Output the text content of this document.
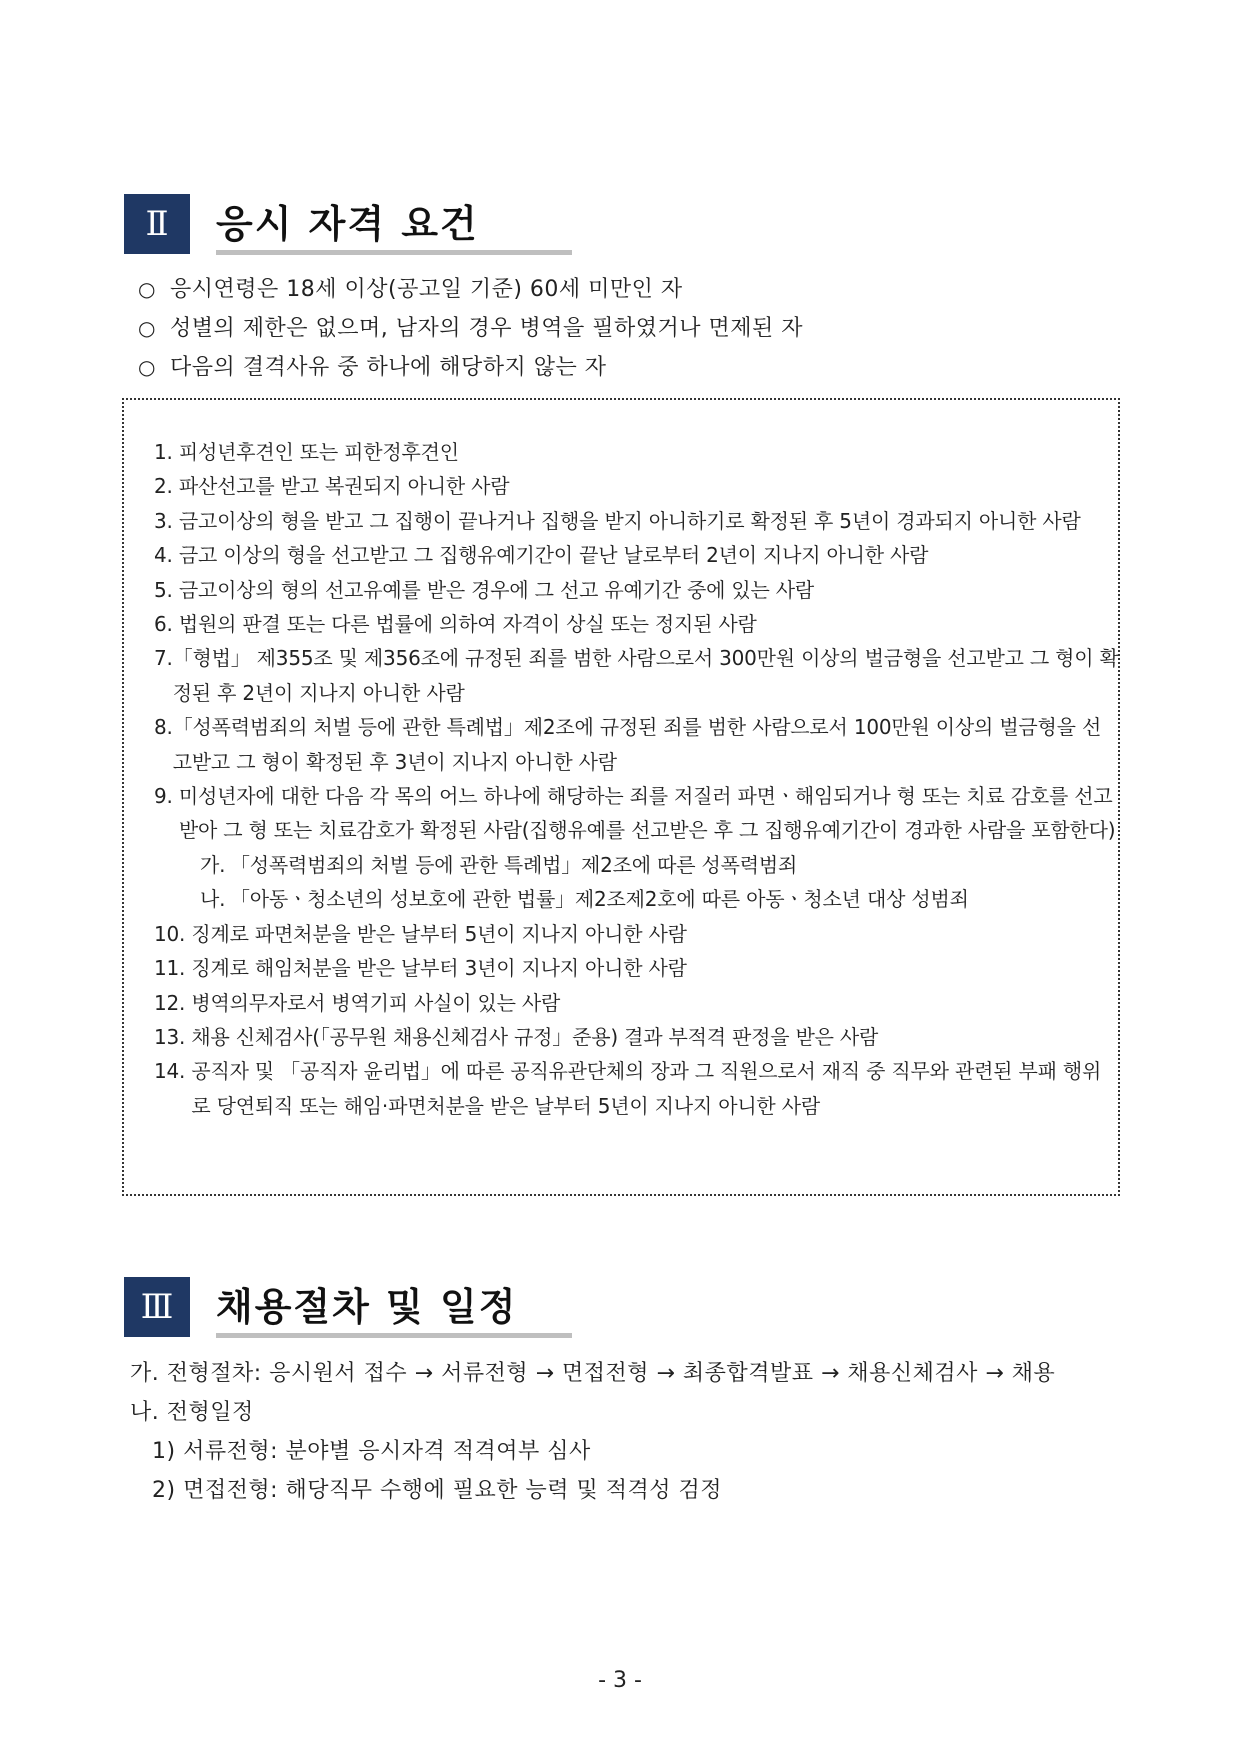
Ⅱ	응시 자격 요건
○ 응시연령은 18세 이상(공고일 기준) 60세 미만인 자
○ 성별의 제한은 없으며, 남자의 경우 병역을 필하였거나 면제된 자
○ 다음의 결격사유 중 하나에 해당하지 않는 자
1. 피성년후견인 또는 피한정후견인
2. 파산선고를 받고 복권되지 아니한 사람
3. 금고이상의 형을 받고 그 집행이 끝나거나 집행을 받지 아니하기로 확정된 후 5년이 경과되지 아니한 사람
4. 금고 이상의 형을 선고받고 그 집행유예기간이 끝난 날로부터 2년이 지나지 아니한 사람
5. 금고이상의 형의 선고유예를 받은 경우에 그 선고 유예기간 중에 있는 사람
6. 법원의 판결 또는 다른 법률에 의하여 자격이 상실 또는 정지된 사람
7. 「형법」 제355조 및 제356조에 규정된 죄를 범한 사람으로서 300만원 이상의 벌금형을 선고받고 그 형이 확정된 후 2년이 지나지 아니한 사람
8. 「성폭력범죄의 처벌 등에 관한 특례법」제2조에 규정된 죄를 범한 사람으로서 100만원 이상의 벌금형을 선고받고 그 형이 확정된 후 3년이 지나지 아니한 사람
9. 미성년자에 대한 다음 각 목의 어느 하나에 해당하는 죄를 저질러 파면ㆍ해임되거나 형 또는 치료 감호를 선고받아 그 형 또는 치료감호가 확정된 사람(집행유예를 선고받은 후 그 집행유예기간이 경과한 사람을 포함한다)
가. 「성폭력범죄의 처벌 등에 관한 특례법」제2조에 따른 성폭력범죄
나. 「아동ㆍ청소년의 성보호에 관한 법률」제2조제2호에 따른 아동ㆍ청소년 대상 성범죄
10. 징계로 파면처분을 받은 날부터 5년이 지나지 아니한 사람
11. 징계로 해임처분을 받은 날부터 3년이 지나지 아니한 사람
12. 병역의무자로서 병역기피 사실이 있는 사람
13. 채용 신체검사(「공무원 채용신체검사 규정」준용) 결과 부적격 판정을 받은 사람
14. 공직자 및 「공직자 윤리법」에 따른 공직유관단체의 장과 그 직원으로서 재직 중 직무와 관련된 부패 행위로 당연퇴직 또는 해임·파면처분을 받은 날부터 5년이 지나지 아니한 사람
Ⅲ	채용절차 및 일정
가. 전형절차: 응시원서 접수 → 서류전형 → 면접전형 → 최종합격발표 → 채용신체검사 → 채용
나. 전형일정
1) 서류전형: 분야별 응시자격 적격여부 심사
2) 면접전형: 해당직무 수행에 필요한 능력 및 적격성 검정
- 3 -
